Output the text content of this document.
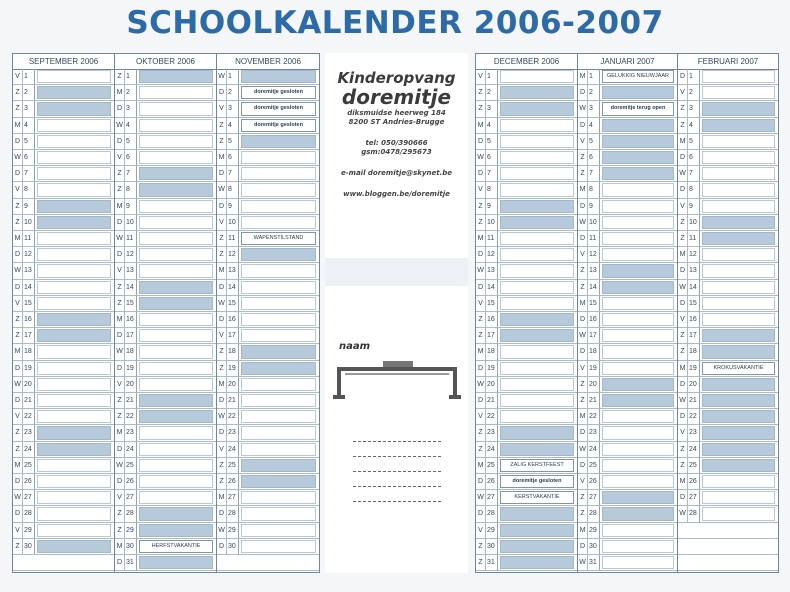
SCHOOLKALENDER 2006-2007
SEPTEMBER 2006
V 1
Z 2
Z 3
M 4
D 5
W 6
D 7
V 8
Z 9
Z 10
M 11
D 12
W 13
D 14
V 15
Z 16
Z 17
M 18
D 19
W 20
D 21
V 22
Z 23
Z 24
M 25
D 26
W 27
D 28
V 29
Z 30
OKTOBER 2006
Z 1
M 2
D 3
W 4
D 5
V 6
Z 7
Z 8
M 9
D 10
W 11
D 12
V 13
Z 14
Z 15
M 16
D 17
W 18
D 19
V 20
Z 21
Z 22
M 23
D 24
W 25
D 26
V 27
Z 28
Z 29
M 30	HERFSTVAKANTIE
D 31
NOVEMBER 2006
W 1
D 2	doremitje gesloten
V 3	doremitje gesloten
Z 4	doremitje gesloten
Z 5
M 6
D 7
W 8
D 9
V 10
Z 11	WAPENSTILSTAND
Z 12
M 13
D 14
W 15
D 16
V 17
Z 18
Z 19
M 20
D 21
W 22
D 23
V 24
Z 25
Z 26
M 27
D 28
W 29
D 30
DECEMBER 2006
V 1
Z 2
Z 3
M 4
D 5
W 6
D 7
V 8
Z 9
Z 10
M 11
D 12
W 13
D 14
V 15
Z 16
Z 17
M 18
D 19
W 20
D 21
V 22
Z 23
Z 24
M 25	ZALIG KERSTFEEST
D 26	doremitje gesloten
W 27	KERSTVAKANTIE
D 28
V 29
Z 30
Z 31
JANUARI 2007
M 1	GELUKKIG NIEUWJAAR
D 2
W 3	doremitje terug open
D 4
V 5
Z 6
Z 7
M 8
D 9
W 10
D 11
V 12
Z 13
Z 14
M 15
D 16
W 17
D 18
V 19
Z 20
Z 21
M 22
D 23
W 24
D 25
V 26
Z 27
Z 28
M 29
D 30
W 31
FEBRUARI 2007
D 1
V 2
Z 3
Z 4
M 5
D 6
W 7
D 8
V 9
Z 10
Z 11
M 12
D 13
W 14
D 15
V 16
Z 17
Z 18
M 19	KROKUSVAKANTIE
D 20
W 21
D 22
V 23
Z 24
Z 25
M 26
D 27
W 28
Kinderopvang
doremitje
diksmuidse heerweg 184
8200 ST Andries-Brugge
tel: 050/390666
gsm:0478/295673
e-mail doremitje@skynet.be
www.bloggen.be/doremitje
naam
